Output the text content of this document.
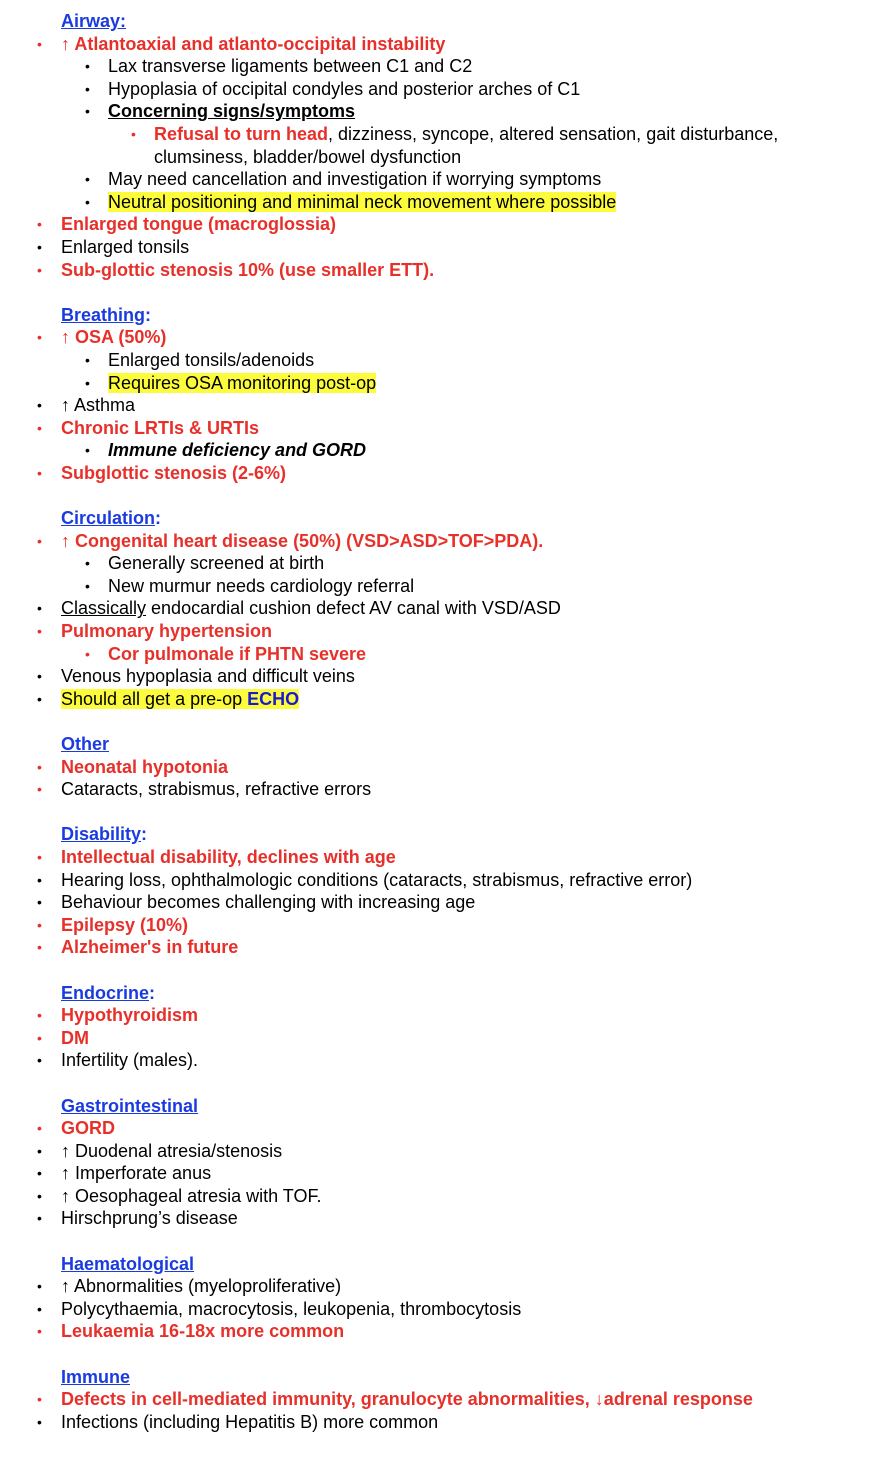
Airway:
• ↑ Atlantoaxial and atlanto-occipital instability
• Lax transverse ligaments between C1 and C2
• Hypoplasia of occipital condyles and posterior arches of C1
• Concerning signs/symptoms
• Refusal to turn head, dizziness, syncope, altered sensation, gait disturbance, clumsiness, bladder/bowel dysfunction
• May need cancellation and investigation if worrying symptoms
• Neutral positioning and minimal neck movement where possible
• Enlarged tongue (macroglossia)
• Enlarged tonsils
• Sub-glottic stenosis 10% (use smaller ETT).
Breathing:
• ↑ OSA (50%)
• Enlarged tonsils/adenoids
• Requires OSA monitoring post-op
• ↑ Asthma
• Chronic LRTIs & URTIs
• Immune deficiency and GORD
• Subglottic stenosis (2-6%)
Circulation:
• ↑ Congenital heart disease (50%) (VSD>ASD>TOF>PDA).
• Generally screened at birth
• New murmur needs cardiology referral
• Classically endocardial cushion defect AV canal with VSD/ASD
• Pulmonary hypertension
• Cor pulmonale if PHTN severe
• Venous hypoplasia and difficult veins
• Should all get a pre-op ECHO
Other
• Neonatal hypotonia
• Cataracts, strabismus, refractive errors
Disability:
• Intellectual disability, declines with age
• Hearing loss, ophthalmologic conditions (cataracts, strabismus, refractive error)
• Behaviour becomes challenging with increasing age
• Epilepsy (10%)
• Alzheimer's in future
Endocrine:
• Hypothyroidism
• DM
• Infertility (males).
Gastrointestinal
• GORD
• ↑ Duodenal atresia/stenosis
• ↑ Imperforate anus
• ↑ Oesophageal atresia with TOF.
• Hirschprung’s disease
Haematological
• ↑ Abnormalities (myeloproliferative)
• Polycythaemia, macrocytosis, leukopenia, thrombocytosis
• Leukaemia 16-18x more common
Immune
• Defects in cell-mediated immunity, granulocyte abnormalities, ↓adrenal response
• Infections (including Hepatitis B) more common
